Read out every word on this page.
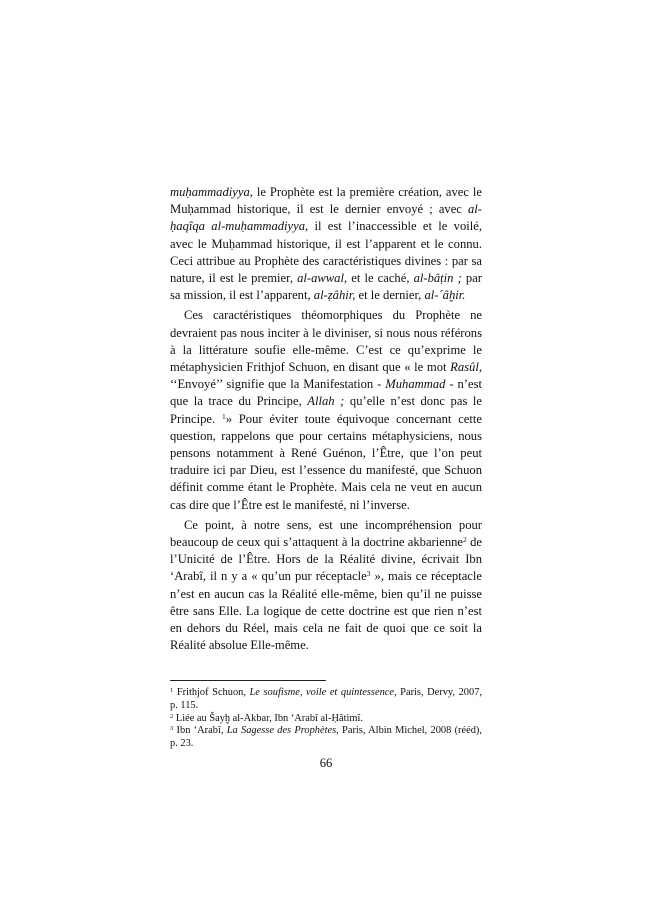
muḥammadiyya, le Prophète est la première création, avec le Muḥammad historique, il est le dernier envoyé ; avec al-ḥaqîqa al-muḥammadiyya, il est l’inaccessible et le voilé, avec le Muḥammad historique, il est l’apparent et le connu. Ceci attribue au Prophète des caractéristiques divines : par sa nature, il est le premier, al-awwal, et le caché, al-bâṭin ; par sa mission, il est l’apparent, al-ẓâhir, et le dernier, al-´âḫir.

Ces caractéristiques théomorphiques du Prophète ne devraient pas nous inciter à le diviniser, si nous nous référons à la littérature soufie elle-même. C’est ce qu’exprime le métaphysicien Frithjof Schuon, en disant que « le mot Rasûl, ‘‘Envoyé’’ signifie que la Manifestation - Muhammad - n’est que la trace du Principe, Allah ; qu’elle n’est donc pas le Principe. $^1$» Pour éviter toute équivoque concernant cette question, rappelons que pour certains métaphysiciens, nous pensons notamment à René Guénon, l’Être, que l’on peut traduire ici par Dieu, est l’essence du manifesté, que Schuon définit comme étant le Prophète. Mais cela ne veut en aucun cas dire que l’Être est le manifesté, ni l’inverse.

Ce point, à notre sens, est une incompréhension pour beaucoup de ceux qui s’attaquent à la doctrine akbarienne$^2$ de l’Unicité de l’Être. Hors de la Réalité divine, écrivait Ibn ‘Arabî, il n y a « qu’un pur réceptacle$^3$ », mais ce réceptacle n’est en aucun cas la Réalité elle-même, bien qu’il ne puisse être sans Elle. La logique de cette doctrine est que rien n’est en dehors du Réel, mais cela ne fait de quoi que ce soit la Réalité absolue Elle-même.

$^1$ Frithjof Schuon, Le soufisme, voile et quintessence, Paris, Dervy, 2007, p. 115.

$^2$ Liée au Šayḫ al-Akbar, Ibn ‘Arabî al-Ḥâtimî.

$^3$ Ibn ‘Arabî, La Sagesse des Prophètes, Paris, Albin Michel, 2008 (rééd), p. 23.

66
